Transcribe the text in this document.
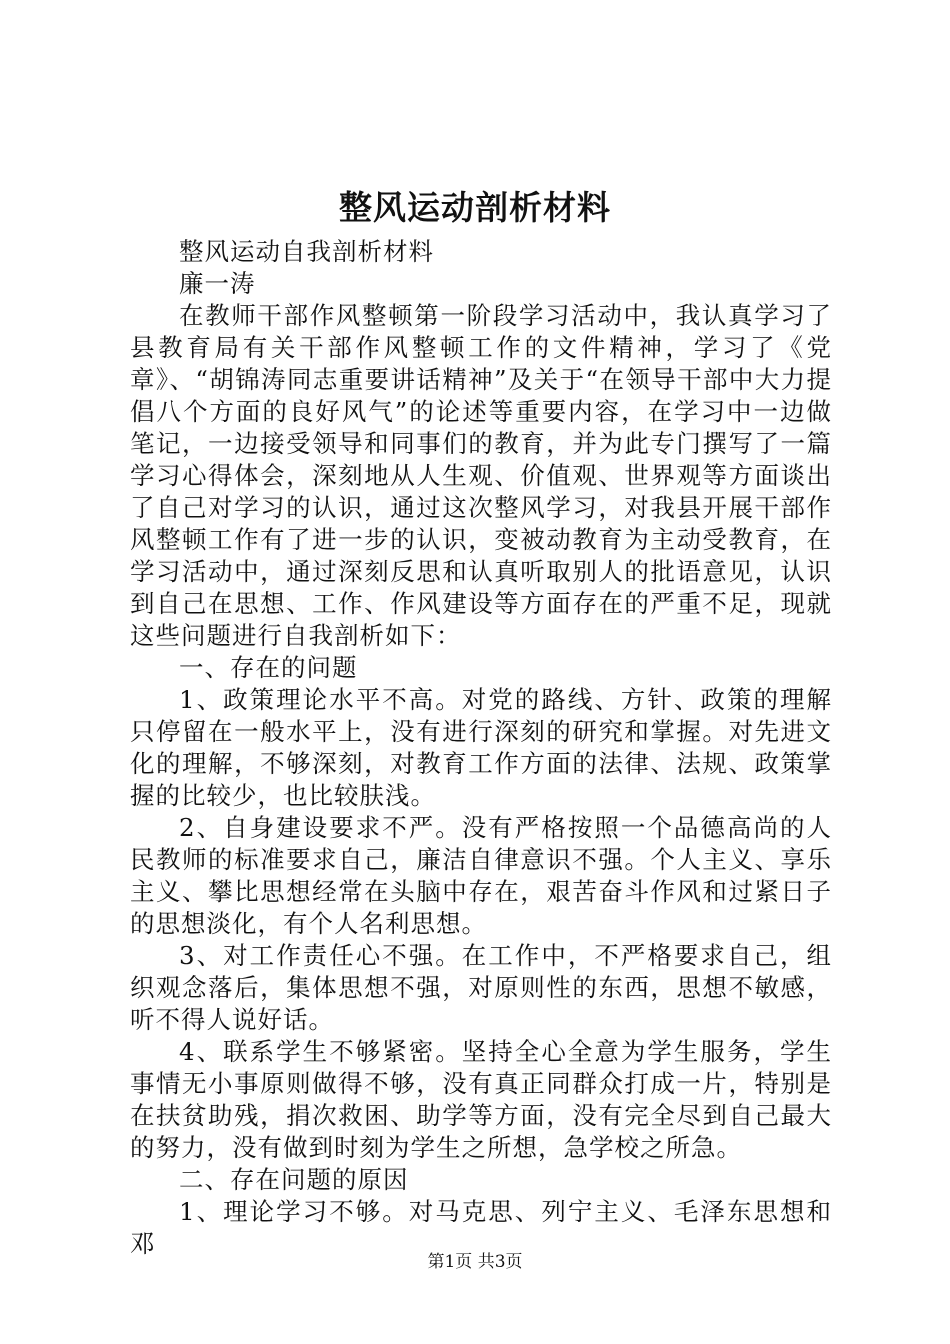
整风运动剖析材料

整风运动自我剖析材料

廉一涛

在教师干部作风整顿第一阶段学习活动中，我认真学习了县教育局有关干部作风整顿工作的文件精神，学习了《党章》、“胡锦涛同志重要讲话精神”及关于“在领导干部中大力提倡八个方面的良好风气”的论述等重要内容，在学习中一边做笔记，一边接受领导和同事们的教育，并为此专门撰写了一篇学习心得体会，深刻地从人生观、价值观、世界观等方面谈出了自己对学习的认识，通过这次整风学习，对我县开展干部作风整顿工作有了进一步的认识，变被动教育为主动受教育，在学习活动中，通过深刻反思和认真听取别人的批语意见，认识到自己在思想、工作、作风建设等方面存在的严重不足，现就这些问题进行自我剖析如下：

一、存在的问题

1、政策理论水平不高。对党的路线、方针、政策的理解只停留在一般水平上，没有进行深刻的研究和掌握。对先进文化的理解，不够深刻，对教育工作方面的法律、法规、政策掌握的比较少，也比较肤浅。

2、自身建设要求不严。没有严格按照一个品德高尚的人民教师的标准要求自己，廉洁自律意识不强。个人主义、享乐主义、攀比思想经常在头脑中存在，艰苦奋斗作风和过紧日子的思想淡化，有个人名利思想。

3、对工作责任心不强。在工作中，不严格要求自己，组织观念落后，集体思想不强，对原则性的东西，思想不敏感，听不得人说好话。

4、联系学生不够紧密。坚持全心全意为学生服务，学生事情无小事原则做得不够，没有真正同群众打成一片，特别是在扶贫助残，捐次救困、助学等方面，没有完全尽到自己最大的努力，没有做到时刻为学生之所想，急学校之所急。

二、存在问题的原因

1、理论学习不够。对马克思、列宁主义、毛泽东思想和邓

第1页 共3页
